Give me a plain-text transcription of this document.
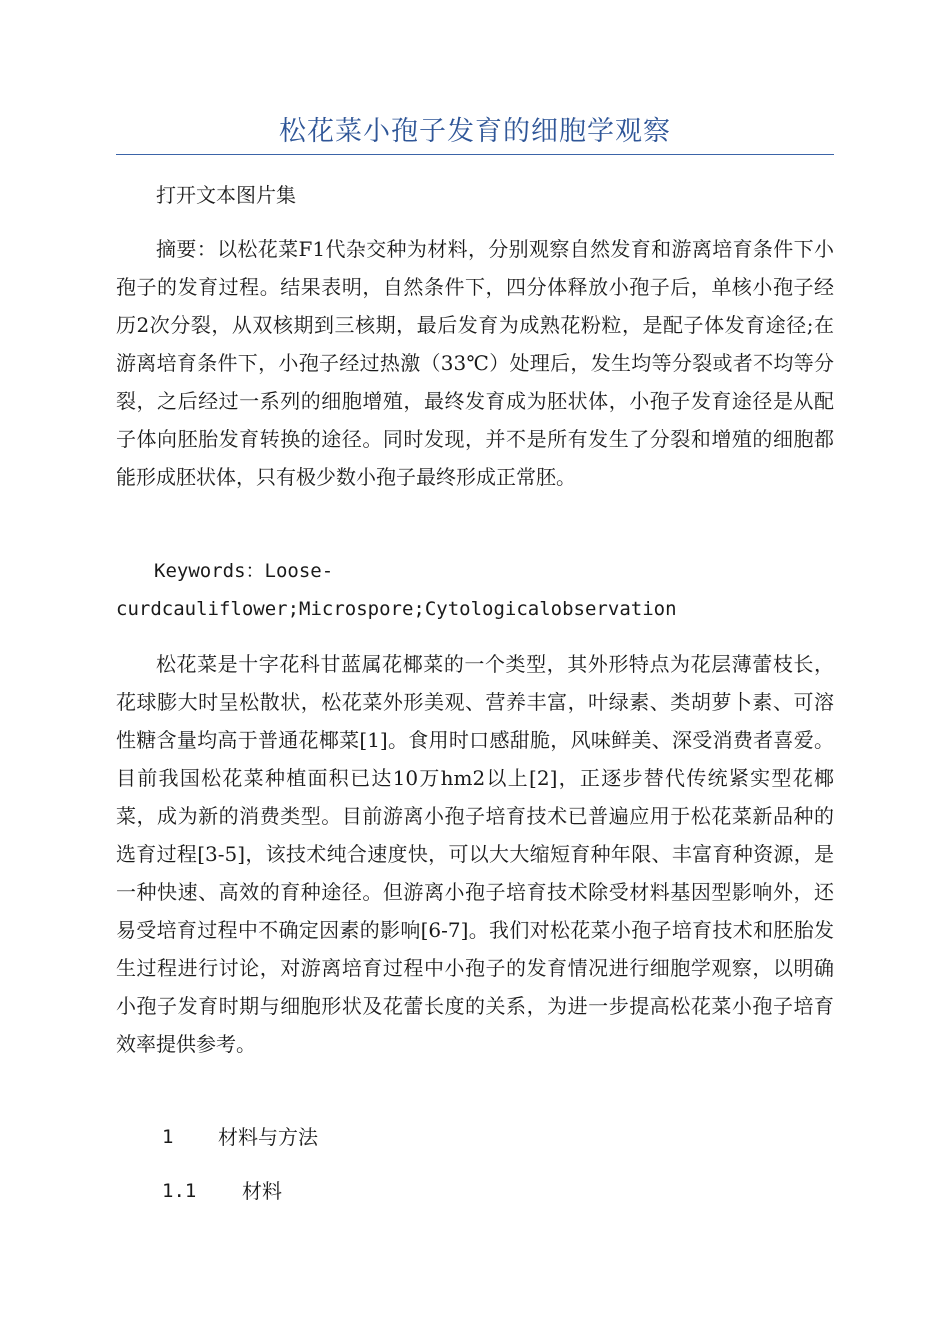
松花菜小孢子发育的细胞学观察

打开文本图片集

摘要：以松花菜F1代杂交种为材料，分别观察自然发育和游离培育条件下小孢子的发育过程。结果表明，自然条件下，四分体释放小孢子后，单核小孢子经历2次分裂，从双核期到三核期，最后发育为成熟花粉粒，是配子体发育途径;在游离培育条件下，小孢子经过热激（33℃）处理后，发生均等分裂或者不均等分裂，之后经过一系列的细胞增殖，最终发育成为胚状体，小孢子发育途径是从配子体向胚胎发育转换的途径。同时发现，并不是所有发生了分裂和增殖的细胞都能形成胚状体，只有极少数小孢子最终形成正常胚。

Keywords：Loose-

curdcauliflower;Microspore;Cytologicalobservation

松花菜是十字花科甘蓝属花椰菜的一个类型，其外形特点为花层薄蕾枝长，花球膨大时呈松散状，松花菜外形美观、营养丰富，叶绿素、类胡萝卜素、可溶性糖含量均高于普通花椰菜[1]。食用时口感甜脆，风味鲜美、深受消费者喜爱。目前我国松花菜种植面积已达10万hm2以上[2]，正逐步替代传统紧实型花椰菜，成为新的消费类型。目前游离小孢子培育技术已普遍应用于松花菜新品种的选育过程[3-5]，该技术纯合速度快，可以大大缩短育种年限、丰富育种资源，是一种快速、高效的育种途径。但游离小孢子培育技术除受材料基因型影响外，还易受培育过程中不确定因素的影响[6-7]。我们对松花菜小孢子培育技术和胚胎发生过程进行讨论，对游离培育过程中小孢子的发育情况进行细胞学观察，以明确小孢子发育时期与细胞形状及花蕾长度的关系，为进一步提高松花菜小孢子培育效率提供参考。

1	材料与方法
1.1	材料
